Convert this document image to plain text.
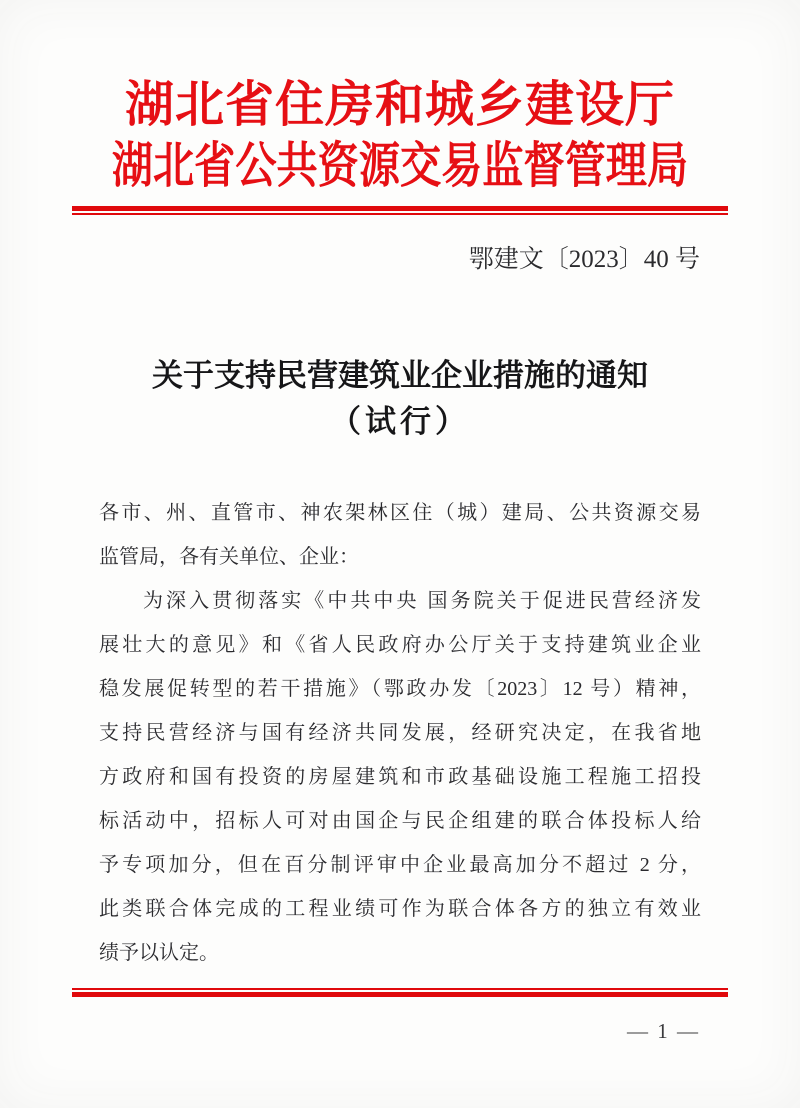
湖北省住房和城乡建设厅
湖北省公共资源交易监督管理局
鄂建文〔2023〕40 号
关于支持民营建筑业企业措施的通知
（试行）
各市、州、直管市、神农架林区住（城）建局、公共资源交易
监管局，各有关单位、企业：
为深入贯彻落实《中共中央 国务院关于促进民营经济发
展壮大的意见》和《省人民政府办公厅关于支持建筑业企业
稳发展促转型的若干措施》（鄂政办发〔2023〕12 号）精神，
支持民营经济与国有经济共同发展，经研究决定，在我省地
方政府和国有投资的房屋建筑和市政基础设施工程施工招投
标活动中，招标人可对由国企与民企组建的联合体投标人给
予专项加分，但在百分制评审中企业最高加分不超过 2 分，
此类联合体完成的工程业绩可作为联合体各方的独立有效业
绩予以认定。
— 1 —
